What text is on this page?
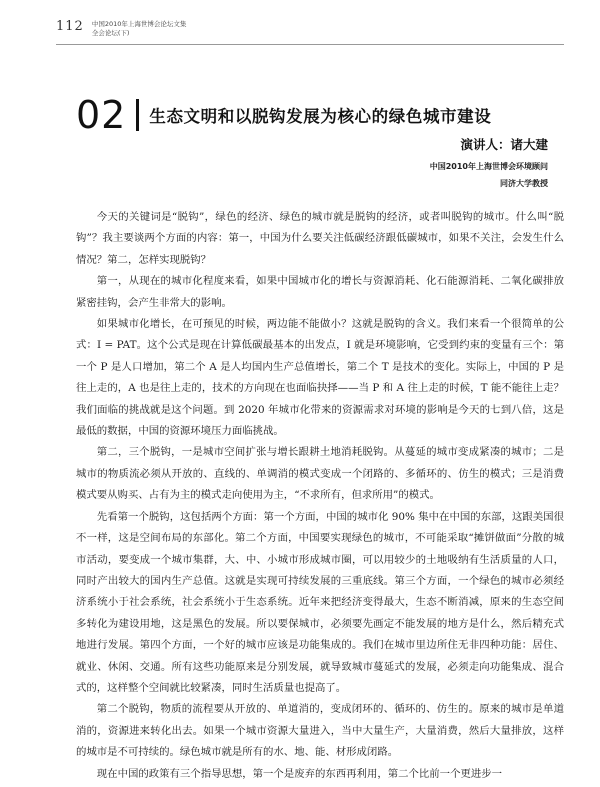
112 中国2010年上海世博会论坛文集
全会论坛(下)
02 生态文明和以脱钩发展为核心的绿色城市建设
演讲人：诸大建
中国2010年上海世博会环境顾问
同济大学教授

今天的关键词是“脱钩”，绿色的经济、绿色的城市就是脱钩的经济，或者叫脱钩的城市。什么叫“脱钩”？我主要谈两个方面的内容：第一，中国为什么要关注低碳经济跟低碳城市，如果不关注，会发生什么情况？第二，怎样实现脱钩？

第一，从现在的城市化程度来看，如果中国城市化的增长与资源消耗、化石能源消耗、二氧化碳排放紧密挂钩，会产生非常大的影响。

如果城市化增长，在可预见的时候，两边能不能做小？这就是脱钩的含义。我们来看一个很简单的公式：I = PAT。这个公式是现在计算低碳最基本的出发点，I 就是环境影响，它受到约束的变量有三个：第一个 P 是人口增加，第二个 A 是人均国内生产总值增长，第二个 T 是技术的变化。实际上，中国的 P 是往上走的，A 也是往上走的，技术的方向现在也面临抉择——当 P 和 A 往上走的时候，T 能不能往上走？我们面临的挑战就是这个问题。到 2020 年城市化带来的资源需求对环境的影响是今天的七到八倍，这是最低的数据，中国的资源环境压力面临挑战。

第二，三个脱钩，一是城市空间扩张与增长跟耕土地消耗脱钩。从蔓延的城市变成紧凑的城市；二是城市的物质流必须从开放的、直线的、单调消的模式变成一个闭路的、多循环的、仿生的模式；三是消费模式要从购买、占有为主的模式走向使用为主，“不求所有，但求所用”的模式。

先看第一个脱钩，这包括两个方面：第一个方面，中国的城市化 90% 集中在中国的东部，这跟美国很不一样，这是空间布局的东部化。第二个方面，中国要实现绿色的城市，不可能采取“摊饼做面”分散的城市活动，要变成一个城市集群，大、中、小城市形成城市圈，可以用较少的土地吸纳有生活质量的人口，同时产出较大的国内生产总值。这就是实现可持续发展的三重底线。第三个方面，一个绿色的城市必须经济系统小于社会系统，社会系统小于生态系统。近年来把经济变得最大，生态不断消减，原来的生态空间多转化为建设用地，这是黑色的发展。所以要保城市，必须要先画定不能发展的地方是什么，然后精充式地进行发展。第四个方面，一个好的城市应该是功能集成的。我们在城市里边所住无非四种功能：居住、就业、休闲、交通。所有这些功能原来是分别发展，就导致城市蔓延式的发展，必须走向功能集成、混合式的，这样整个空间就比较紧凑，同时生活质量也提高了。

第二个脱钩，物质的流程要从开放的、单道消的，变成闭环的、循环的、仿生的。原来的城市是单道消的，资源进来转化出去。如果一个城市资源大量进入，当中大量生产，大量消费，然后大量排放，这样的城市是不可持续的。绿色城市就是所有的水、地、能、材形成闭路。

现在中国的政策有三个指导思想，第一个是废弃的东西再利用，第二个比前一个更进步一
